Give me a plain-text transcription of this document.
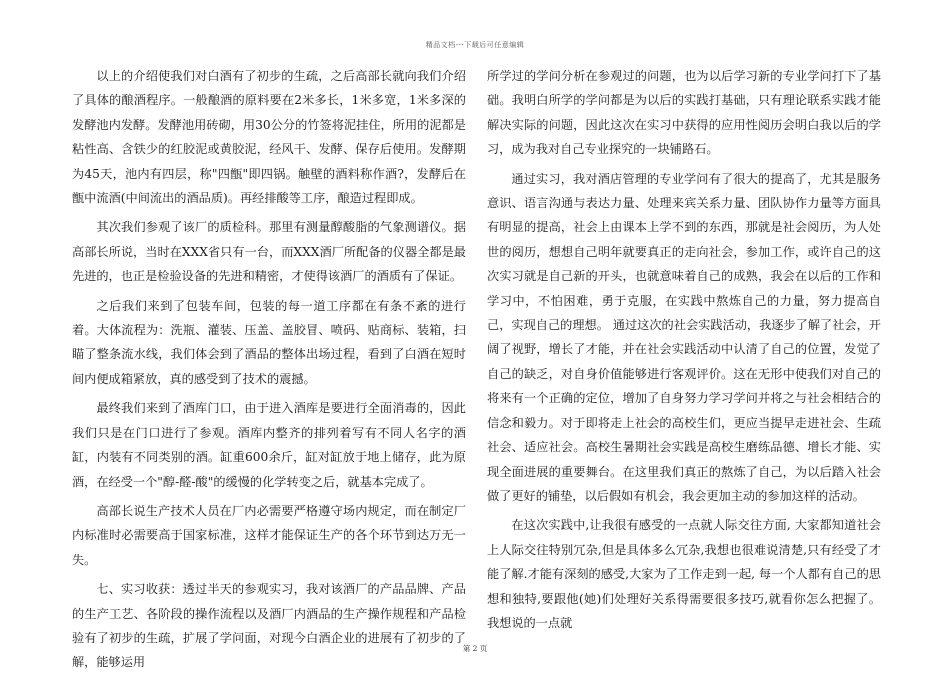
精品文档---下载后可任意编辑

以上的介绍使我们对白酒有了初步的生疏，之后高部长就向我们介绍了具体的酿酒程序。一般酿酒的原料要在2米多长，1米多宽，1米多深的发酵池内发酵。发酵池用砖砌，用30公分的竹签将泥挂住，所用的泥都是粘性高、含铁少的红胶泥或黄胶泥，经风干、发酵、保存后使用。发酵期为45天，池内有四层，称"四甑"即四锅。触壁的酒料称作酒?，发酵后在甑中流酒(中间流出的酒品质)。再经排酸等工序，酿造过程即成。

其次我们参观了该厂的质检科。那里有测量醇酸脂的气象测谱仪。据高部长所说，当时在XXX省只有一台，而XXX酒厂所配备的仪器全都是最先进的，也正是检验设备的先进和精密，才使得该酒厂的酒质有了保证。

之后我们来到了包装车间，包装的每一道工序都在有条不紊的进行着。大体流程为：洗瓶、灌装、压盖、盖胶冒、喷码、贴商标、装箱，扫瞄了整条流水线，我们体会到了酒品的整体出场过程，看到了白酒在短时间内便成箱紧放，真的感受到了技术的震撼。

最终我们来到了酒库门口，由于进入酒库是要进行全面消毒的，因此我们只是在门口进行了参观。酒库内整齐的排列着写有不同人名字的酒缸，内装有不同类别的酒。缸重600余斤，缸对缸放于地上储存，此为原酒，在经受一个"醇-醛-酸"的缓慢的化学转变之后，就基本完成了。

高部长说生产技术人员在厂内必需要严格遵守场内规定，而在制定厂内标准时必需要高于国家标准，这样才能保证生产的各个环节到达万无一失。

七、实习收获：透过半天的参观实习，我对该酒厂的产品品牌、产品的生产工艺、各阶段的操作流程以及酒厂内酒品的生产操作规程和产品检验有了初步的生疏，扩展了学问面，对现今白酒企业的进展有了初步的了解，能够运用

所学过的学问分析在参观过的问题，也为以后学习新的专业学问打下了基础。我明白所学的学问都是为以后的实践打基础，只有理论联系实践才能解决实际的问题，因此这次在实习中获得的应用性阅历会明白我以后的学习，成为我对自己专业探究的一块铺路石。

通过实习，我对酒店管理的专业学问有了很大的提高了，尤其是服务意识、语言沟通与表达力量、处理来宾关系力量、团队协作力量等方面具有明显的提高，社会上由课本上学不到的东西，那就是社会阅历，为人处世的阅历，想想自己明年就要真正的走向社会，参加工作，或许自己的这次实习就是自己新的开头，也就意味着自己的成熟，我会在以后的工作和学习中，不怕困难，勇于克服，在实践中熬炼自己的力量，努力提高自己，实现自己的理想。 通过这次的社会实践活动，我逐步了解了社会，开阔了视野，增长了才能，并在社会实践活动中认清了自己的位置，发觉了自己的缺乏，对自身价值能够进行客观评价。这在无形中使我们对自己的将来有一个正确的定位，增加了自身努力学习学问并将之与社会相结合的信念和毅力。对于即将走上社会的高校生们，更应当提早走进社会、生疏社会、适应社会。高校生暑期社会实践是高校生磨练品德、增长才能、实现全面进展的重要舞台。在这里我们真正的熬炼了自己，为以后踏入社会做了更好的铺垫，以后假如有机会，我会更加主动的参加这样的活动。

在这次实践中,让我很有感受的一点就人际交往方面, 大家都知道社会上人际交往特别冗杂,但是具体多么冗杂,我想也很难说清楚,只有经受了才能了解.才能有深刻的感受,大家为了工作走到一起, 每一个人都有自己的思想和独特,要跟他(她)们处理好关系得需要很多技巧,就看你怎么把握了。我想说的一点就

第 2 页
